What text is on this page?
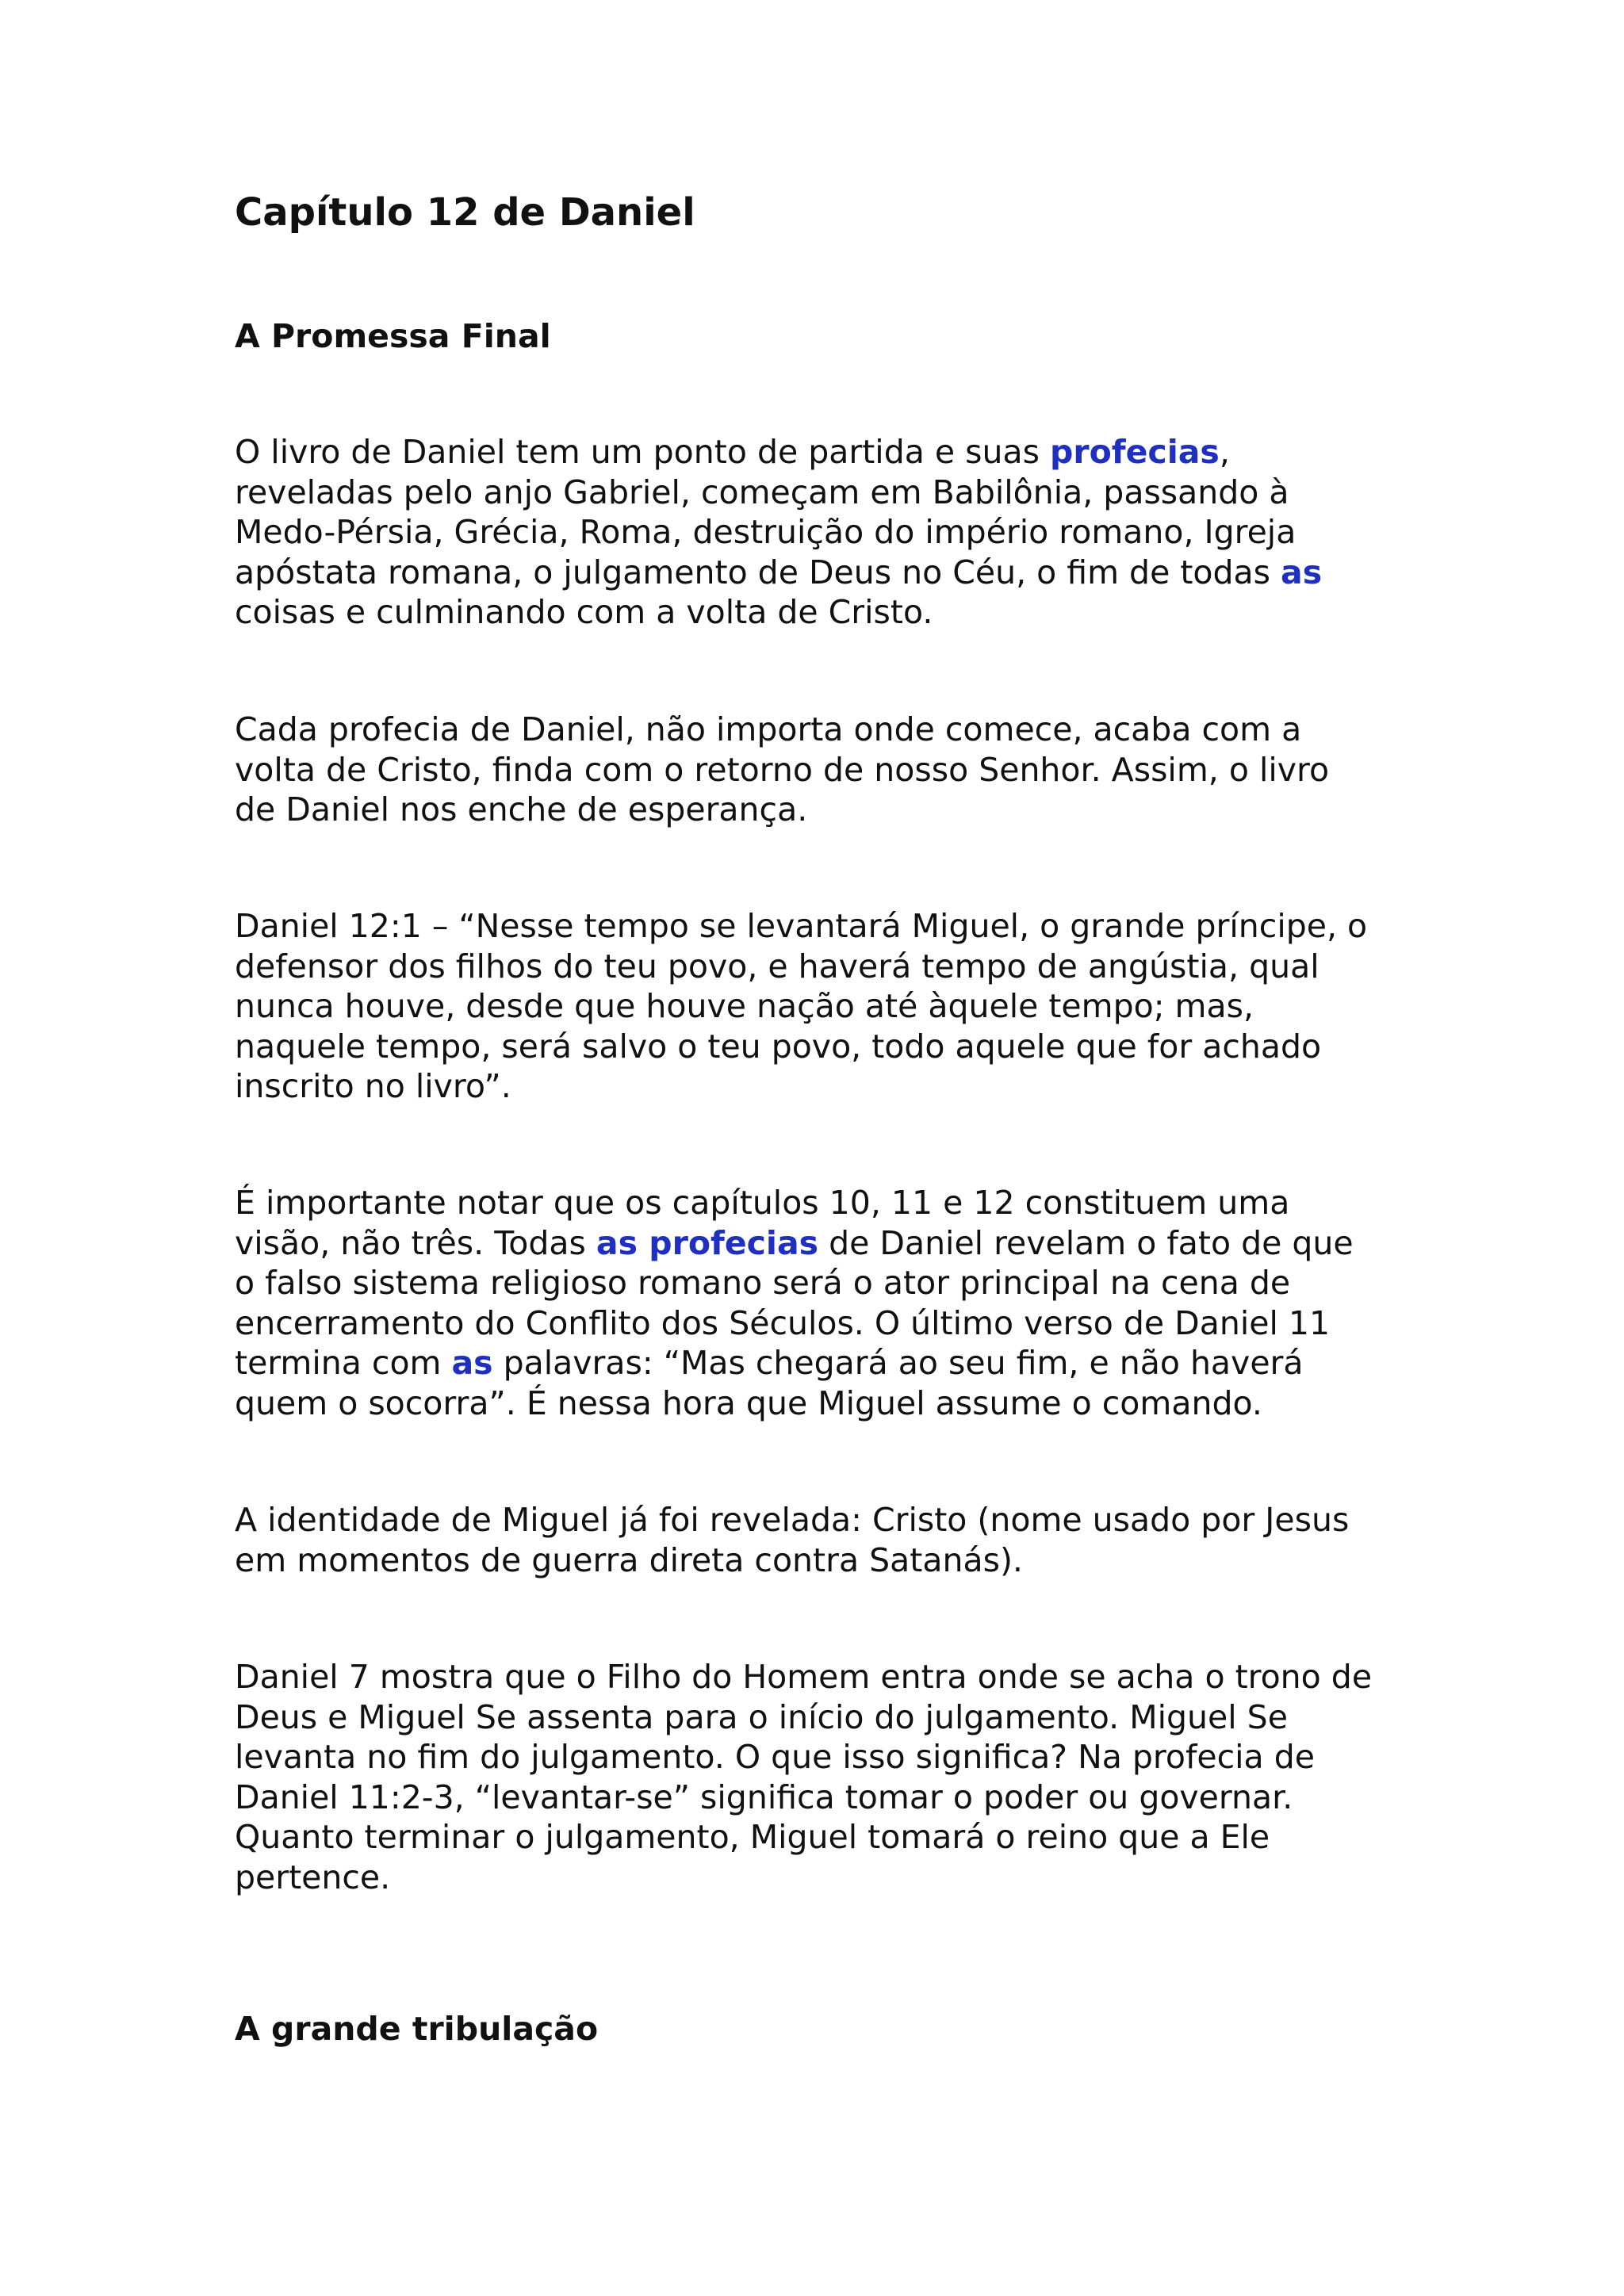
Capítulo 12 de Daniel
A Promessa Final

O livro de Daniel tem um ponto de partida e suas profecias,
reveladas pelo anjo Gabriel, começam em Babilônia, passando à
Medo-Pérsia, Grécia, Roma, destruição do império romano, Igreja
apóstata romana, o julgamento de Deus no Céu, o fim de todas as
coisas e culminando com a volta de Cristo.

Cada profecia de Daniel, não importa onde comece, acaba com a
volta de Cristo, finda com o retorno de nosso Senhor. Assim, o livro
de Daniel nos enche de esperança.

Daniel 12:1 – “Nesse tempo se levantará Miguel, o grande príncipe, o
defensor dos filhos do teu povo, e haverá tempo de angústia, qual
nunca houve, desde que houve nação até àquele tempo; mas,
naquele tempo, será salvo o teu povo, todo aquele que for achado
inscrito no livro”.

É importante notar que os capítulos 10, 11 e 12 constituem uma
visão, não três. Todas as profecias de Daniel revelam o fato de que
o falso sistema religioso romano será o ator principal na cena de
encerramento do Conflito dos Séculos. O último verso de Daniel 11
termina com as palavras: “Mas chegará ao seu fim, e não haverá
quem o socorra”. É nessa hora que Miguel assume o comando.

A identidade de Miguel já foi revelada: Cristo (nome usado por Jesus
em momentos de guerra direta contra Satanás).

Daniel 7 mostra que o Filho do Homem entra onde se acha o trono de
Deus e Miguel Se assenta para o início do julgamento. Miguel Se
levanta no fim do julgamento. O que isso significa? Na profecia de
Daniel 11:2-3, “levantar-se” significa tomar o poder ou governar.
Quanto terminar o julgamento, Miguel tomará o reino que a Ele
pertence.

A grande tribulação
